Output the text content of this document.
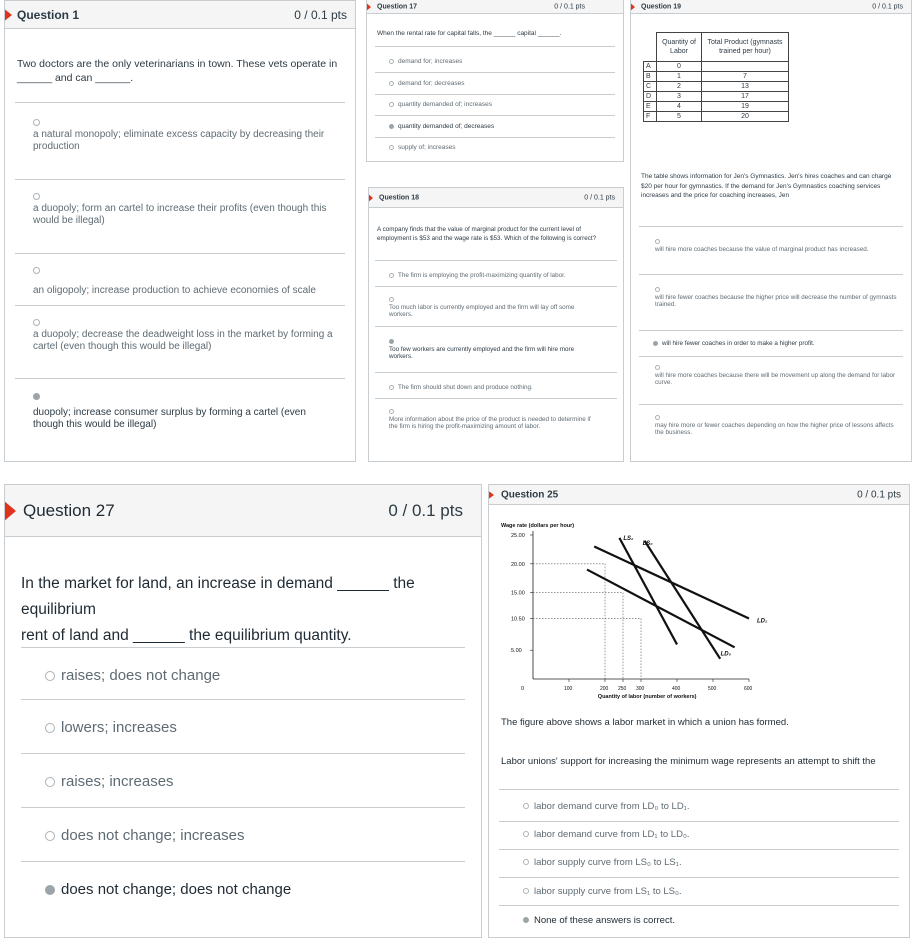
Question 1	0 / 0.1 pts
Two doctors are the only veterinarians in town. These vets operate in
______ and can ______.
a natural monopoly; eliminate excess capacity by decreasing their production
a duopoly; form an cartel to increase their profits (even though this would be illegal)
an oligopoly; increase production to achieve economies of scale
a duopoly; decrease the deadweight loss in the market by forming a cartel (even though this would be illegal)
duopoly; increase consumer surplus by forming a cartel (even though this would be illegal)
Question 17	0 / 0.1 pts
When the rental rate for capital falls, the ______ capital ______.
demand for; increases
demand for; decreases
quantity demanded of; increases
quantity demanded of; decreases
supply of; increases
Question 18	0 / 0.1 pts
A company finds that the value of marginal product for the current level of employment is $53 and the wage rate is $53. Which of the following is correct?
The firm is employing the profit-maximizing quantity of labor.
Too much labor is currently employed and the firm will lay off some workers.
Too few workers are currently employed and the firm will hire more workers.
The firm should shut down and produce nothing.
More information about the price of the product is needed to determine if the firm is hiring the profit-maximizing amount of labor.
Question 19	0 / 0.1 pts
	Quantity of Labor	Total Product (gymnasts trained per hour)
A	0	
B	1	7
C	2	13
D	3	17
E	4	19
F	5	20
The table shows information for Jen's Gymnastics. Jen's hires coaches and can charge $20 per hour for gymnastics. If the demand for Jen's Gymnastics coaching services increases and the price for coaching increases, Jen
will hire more coaches because the value of marginal product has increased.
will hire fewer coaches because the higher price will decrease the number of gymnasts trained.
will hire fewer coaches in order to make a higher profit.
will hire more coaches because there will be movement up along the demand for labor curve.
may hire more or fewer coaches depending on how the higher price of lessons affects the business.
Question 27	0 / 0.1 pts
In the market for land, an increase in demand ______ the equilibrium
rent of land and ______ the equilibrium quantity.
raises; does not change
lowers; increases
raises; increases
does not change; increases
does not change; does not change
Question 25	0 / 0.1 pts
Wage rate (dollars per hour)
25.00
20.00
15.00
10.50
5.00
100	200 250 300	400	500	600
0
Quantity of labor (number of workers)
LS₁
LS₀
LD₁
LD₀
The figure above shows a labor market in which a union has formed.
Labor unions' support for increasing the minimum wage represents an attempt to shift the
labor demand curve from LD₀ to LD₁.
labor demand curve from LD₁ to LD₀.
labor supply curve from LS₀ to LS₁.
labor supply curve from LS₁ to LS₀.
None of these answers is correct.
